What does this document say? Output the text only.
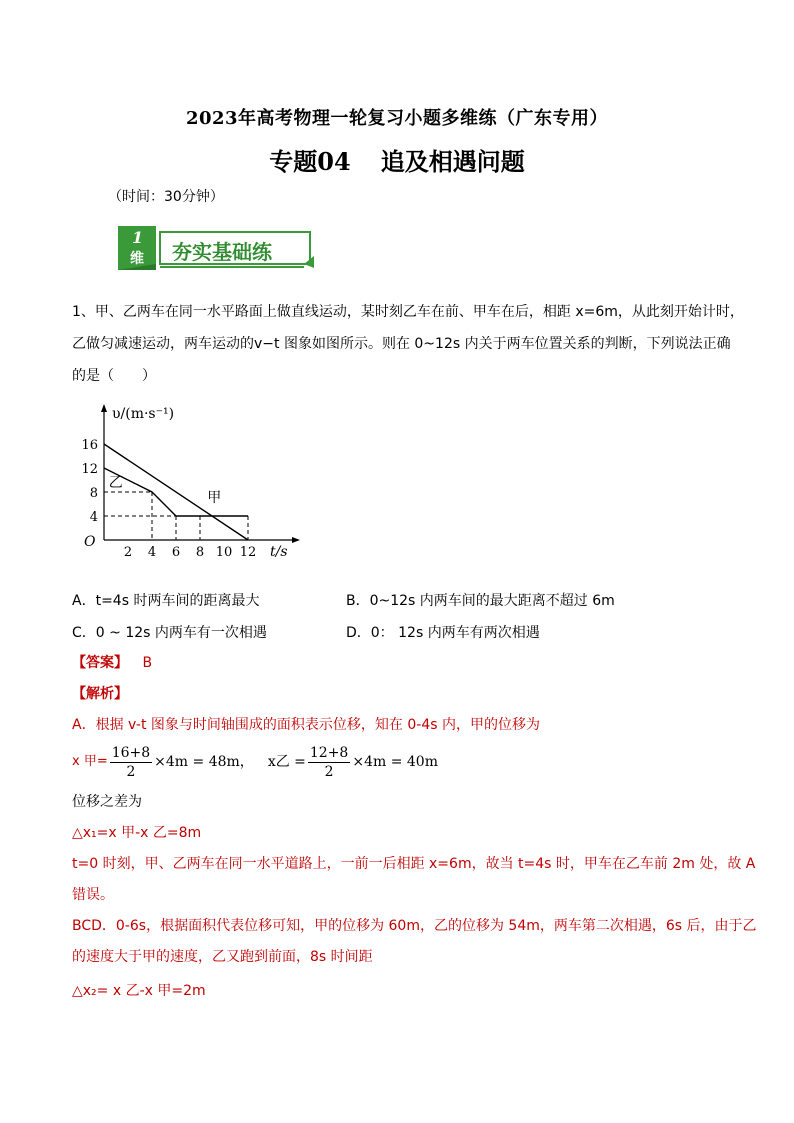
2023年高考物理一轮复习小题多维练（广东专用）
专题04 追及相遇问题
（时间：30分钟）
1
维 夯实基础练
1、甲、乙两车在同一水平路面上做直线运动，某时刻乙车在前、甲车在后，相距 x=6m，从此刻开始计时，
乙做匀减速运动，两车运动的v−t 图象如图所示。则在 0~12s 内关于两车位置关系的判断，下列说法正确
的是（　　）
υ/(m·s⁻¹)
t/s
O
2 4 6 8 10 12
4
8
12
16
甲
乙
A．t=4s 时两车间的距离最大	B．0~12s 内两车间的最大距离不超过 6m
C．0 ~ 12s 内两车有一次相遇	D．0： 12s 内两车有两次相遇
【答案】 B
【解析】
A．根据 v-t 图象与时间轴围成的面积表示位移，知在 0-4s 内，甲的位移为
x 甲= $\frac{16+8}{2} \times 4m = 48m$， x乙 = $\frac{12+8}{2} \times 4m = 40m$
位移之差为
△x₁=x 甲-x 乙=8m
t=0 时刻，甲、乙两车在同一水平道路上，一前一后相距 x=6m，故当 t=4s 时，甲车在乙车前 2m 处，故 A
错误。
BCD．0-6s，根据面积代表位移可知，甲的位移为 60m，乙的位移为 54m，两车第二次相遇，6s 后，由于乙
的速度大于甲的速度，乙又跑到前面，8s 时间距
△x₂= x 乙-x 甲=2m
